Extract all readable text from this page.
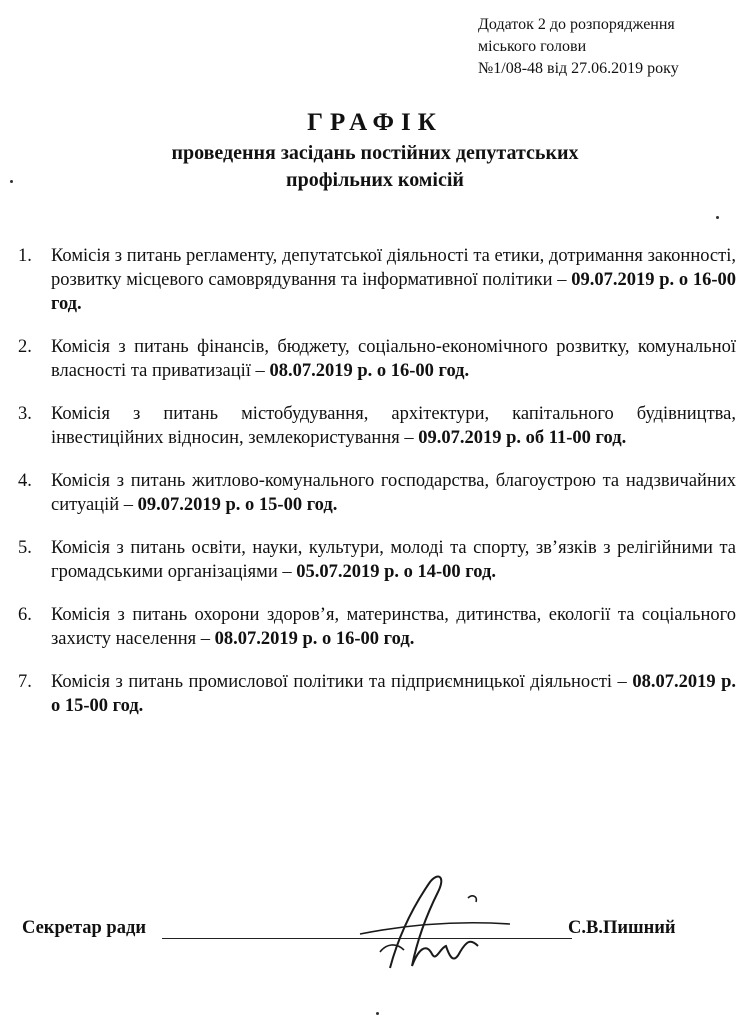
Додаток 2 до розпорядження
міського голови
№1/08-48 від 27.06.2019 року
ГРАФІК
проведення засідань постійних депутатських
профільних комісій
1.	Комісія з питань регламенту, депутатської діяльності та етики, дотримання законності, розвитку місцевого самоврядування та інформативної політики – 09.07.2019 р. о 16-00 год.
2.	Комісія з питань фінансів, бюджету, соціально-економічного розвитку, комунальної власності та приватизації – 08.07.2019 р. о 16-00 год.
3.	Комісія з питань містобудування, архітектури, капітального будівництва, інвестиційних відносин, землекористування – 09.07.2019 р. об 11-00 год.
4.	Комісія з питань житлово-комунального господарства, благоустрою та надзвичайних ситуацій – 09.07.2019 р. о 15-00 год.
5.	Комісія з питань освіти, науки, культури, молоді та спорту, зв’язків з релігійними та громадськими організаціями – 05.07.2019 р. о 14-00 год.
6.	Комісія з питань охорони здоров’я, материнства, дитинства, екології та соціального захисту населення – 08.07.2019 р. о 16-00 год.
7.	Комісія з питань промислової політики та підприємницької діяльності – 08.07.2019 р. о 15-00 год.
Секретар ради	С.В.Пишний
